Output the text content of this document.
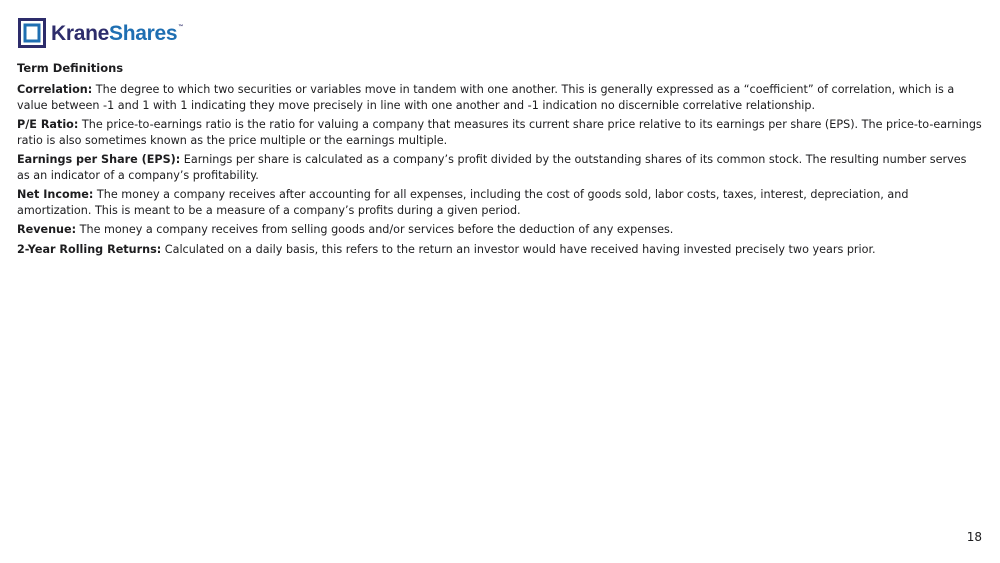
KraneShares™
Term Definitions

Correlation: The degree to which two securities or variables move in tandem with one another. This is generally expressed as a “coefficient” of correlation, which is a value between -1 and 1 with 1 indicating they move precisely in line with one another and -1 indication no discernible correlative relationship.

P/E Ratio: The price-to-earnings ratio is the ratio for valuing a company that measures its current share price relative to its earnings per share (EPS). The price-to-earnings ratio is also sometimes known as the price multiple or the earnings multiple.

Earnings per Share (EPS): Earnings per share is calculated as a company’s profit divided by the outstanding shares of its common stock. The resulting number serves as an indicator of a company’s profitability.

Net Income: The money a company receives after accounting for all expenses, including the cost of goods sold, labor costs, taxes, interest, depreciation, and amortization. This is meant to be a measure of a company’s profits during a given period.

Revenue: The money a company receives from selling goods and/or services before the deduction of any expenses.

2-Year Rolling Returns: Calculated on a daily basis, this refers to the return an investor would have received having invested precisely two years prior.

18
